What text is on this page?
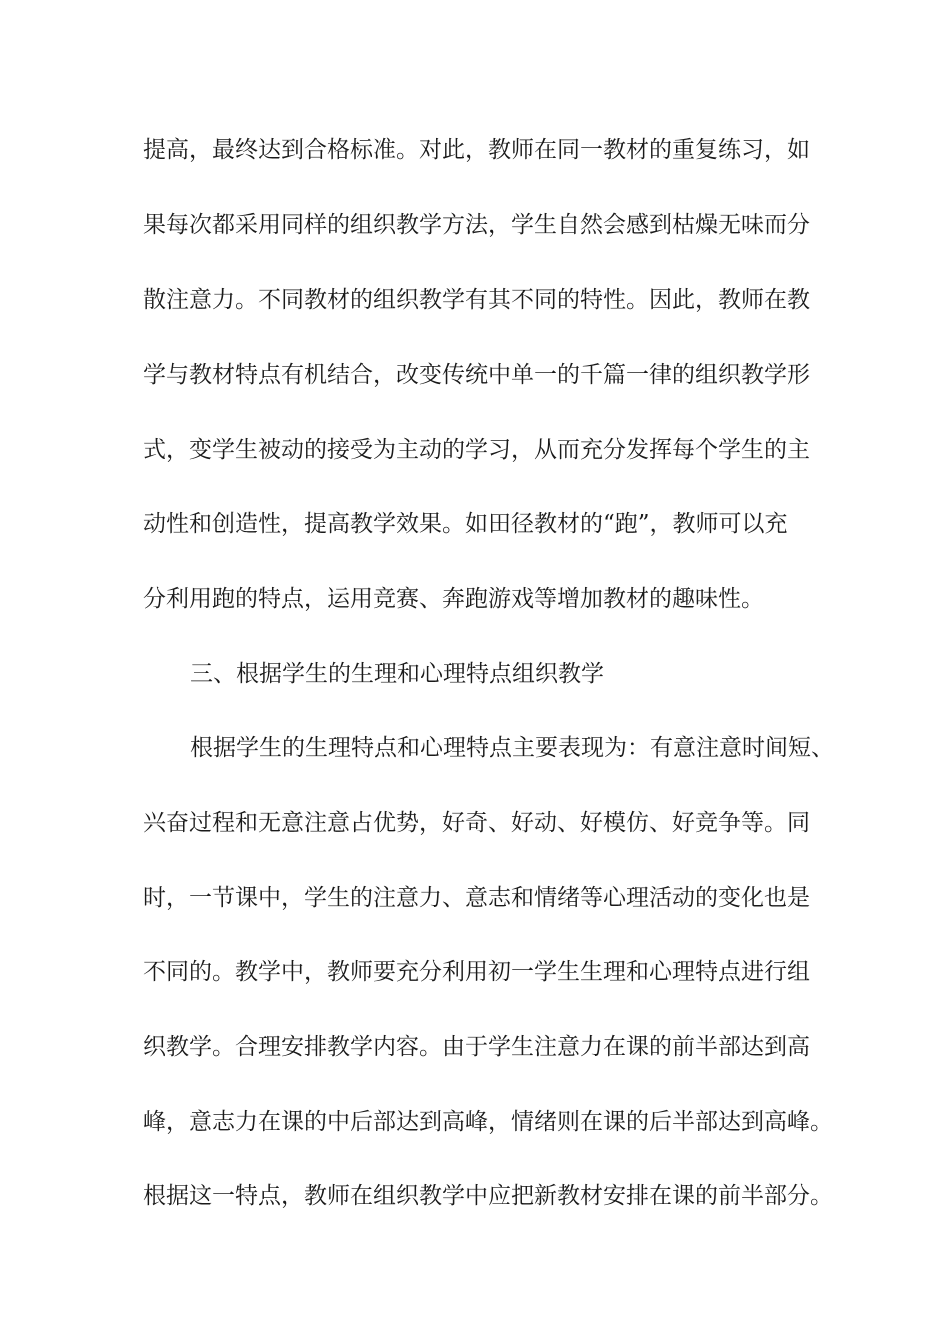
提高，最终达到合格标准。对此，教师在同一教材的重复练习，如
果每次都采用同样的组织教学方法，学生自然会感到枯燥无味而分
散注意力。不同教材的组织教学有其不同的特性。因此，教师在教
学与教材特点有机结合，改变传统中单一的千篇一律的组织教学形
式，变学生被动的接受为主动的学习，从而充分发挥每个学生的主
动性和创造性，提高教学效果。如田径教材的“跑”，教师可以充
分利用跑的特点，运用竞赛、奔跑游戏等增加教材的趣味性。
三、根据学生的生理和心理特点组织教学
根据学生的生理特点和心理特点主要表现为：有意注意时间短、
兴奋过程和无意注意占优势，好奇、好动、好模仿、好竞争等。同
时，一节课中，学生的注意力、意志和情绪等心理活动的变化也是
不同的。教学中，教师要充分利用初一学生生理和心理特点进行组
织教学。合理安排教学内容。由于学生注意力在课的前半部达到高
峰，意志力在课的中后部达到高峰，情绪则在课的后半部达到高峰。
根据这一特点，教师在组织教学中应把新教材安排在课的前半部分。
